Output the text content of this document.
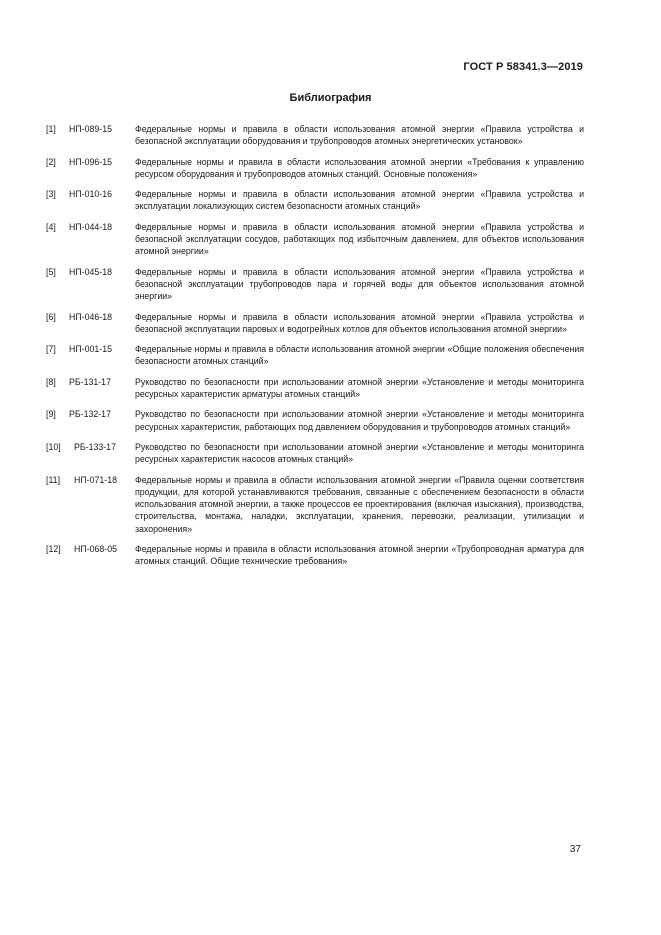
ГОСТ Р 58341.3—2019
Библиография
[1]	НП-089-15	Федеральные нормы и правила в области использования атомной энергии «Правила устройства и безопасной эксплуатации оборудования и трубопроводов атомных энергетических установок»
[2]	НП-096-15	Федеральные нормы и правила в области использования атомной энергии «Требования к управлению ресурсом оборудования и трубопроводов атомных станций. Основные положения»
[3]	НП-010-16	Федеральные нормы и правила в области использования атомной энергии «Правила устройства и эксплуатации локализующих систем безопасности атомных станций»
[4]	НП-044-18	Федеральные нормы и правила в области использования атомной энергии «Правила устройства и безопасной эксплуатации сосудов, работающих под избыточным давлением, для объектов использования атомной энергии»
[5]	НП-045-18	Федеральные нормы и правила в области использования атомной энергии «Правила устройства и безопасной эксплуатации трубопроводов пара и горячей воды для объектов использования атомной энергии»
[6]	НП-046-18	Федеральные нормы и правила в области использования атомной энергии «Правила устройства и безопасной эксплуатации паровых и водогрейных котлов для объектов использования атомной энергии»
[7]	НП-001-15	Федеральные нормы и правила в области использования атомной энергии «Общие положения обеспечения безопасности атомных станций»
[8]	РБ-131-17	Руководство по безопасности при использовании атомной энергии «Установление и методы мониторинга ресурсных характеристик арматуры атомных станций»
[9]	РБ-132-17	Руководство по безопасности при использовании атомной энергии «Установление и методы мониторинга ресурсных характеристик, работающих под давлением оборудования и трубопроводов атомных станций»
[10]	РБ-133-17	Руководство по безопасности при использовании атомной энергии «Установление и методы мониторинга ресурсных характеристик насосов атомных станций»
[11]	НП-071-18	Федеральные нормы и правила в области использования атомной энергии «Правила оценки соответствия продукции, для которой устанавливаются требования, связанные с обеспечением безопасности в области использования атомной энергии, а также процессов ее проектирования (включая изыскания), производства, строительства, монтажа, наладки, эксплуатации, хранения, перевозки, реализации, утилизации и захоронения»
[12]	НП-068-05	Федеральные нормы и правила в области использования атомной энергии «Трубопроводная арматура для атомных станций. Общие технические требования»
37
